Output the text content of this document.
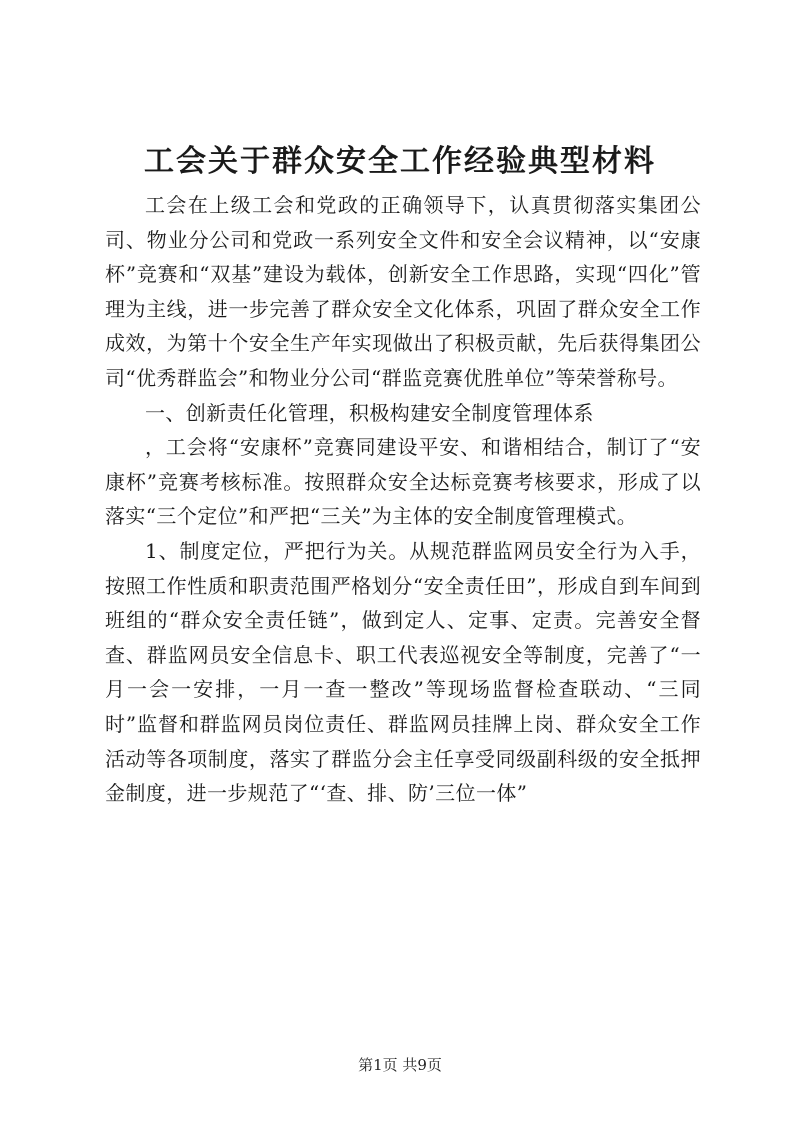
工会关于群众安全工作经验典型材料

工会在上级工会和党政的正确领导下，认真贯彻落实集团公司、物业分公司和党政一系列安全文件和安全会议精神，以“安康杯”竞赛和“双基”建设为载体，创新安全工作思路，实现“四化”管理为主线，进一步完善了群众安全文化体系，巩固了群众安全工作成效，为第十个安全生产年实现做出了积极贡献，先后获得集团公司“优秀群监会”和物业分公司“群监竞赛优胜单位”等荣誉称号。

一、创新责任化管理，积极构建安全制度管理体系

，工会将“安康杯”竞赛同建设平安、和谐相结合，制订了“安康杯”竞赛考核标准。按照群众安全达标竞赛考核要求，形成了以落实“三个定位”和严把“三关”为主体的安全制度管理模式。

1、制度定位，严把行为关。从规范群监网员安全行为入手，按照工作性质和职责范围严格划分“安全责任田”，形成自到车间到班组的“群众安全责任链”，做到定人、定事、定责。完善安全督查、群监网员安全信息卡、职工代表巡视安全等制度，完善了“一月一会一安排，一月一查一整改”等现场监督检查联动、“三同时”监督和群监网员岗位责任、群监网员挂牌上岗、群众安全工作活动等各项制度，落实了群监分会主任享受同级副科级的安全抵押金制度，进一步规范了“‘查、排、防’三位一体”

第1页 共9页
